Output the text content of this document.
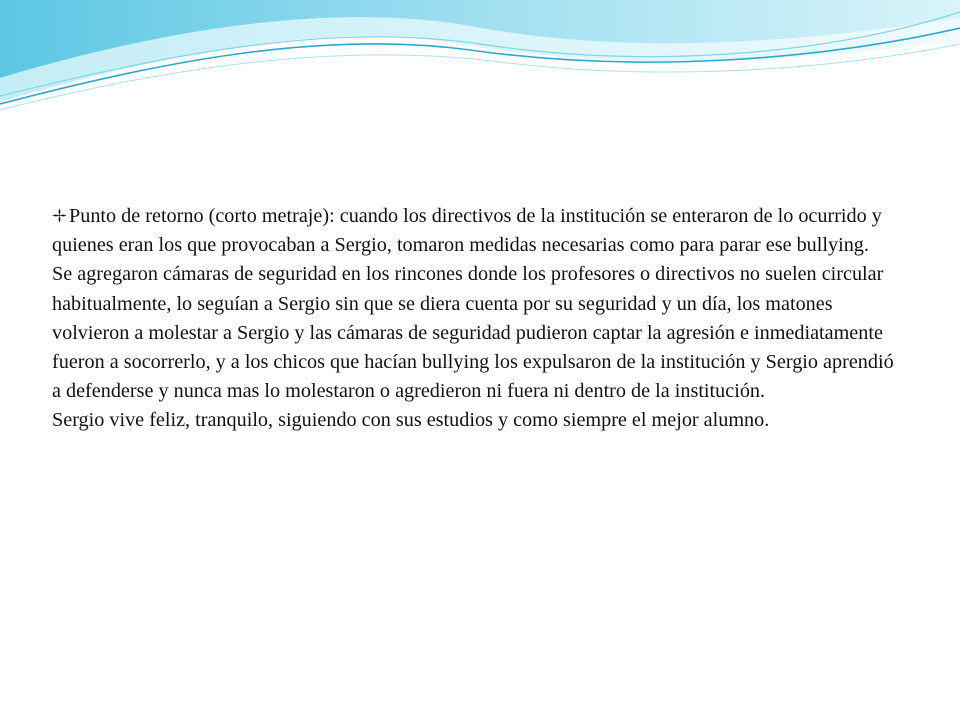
Punto de retorno (corto metraje): cuando los directivos de la institución se enteraron de lo ocurrido y quienes eran los que provocaban a Sergio, tomaron medidas necesarias como para parar ese bullying.

Se agregaron cámaras de seguridad en los rincones donde los profesores o directivos no suelen circular habitualmente, lo seguían a Sergio sin que se diera cuenta por su seguridad y un día, los matones volvieron a molestar a Sergio y las cámaras de seguridad pudieron captar la agresión e inmediatamente fueron a socorrerlo, y a los chicos que hacían bullying los expulsaron de la institución y Sergio aprendió a defenderse y nunca mas lo molestaron o agredieron ni fuera ni dentro de la institución.

Sergio vive feliz, tranquilo, siguiendo con sus estudios y como siempre el mejor alumno.
